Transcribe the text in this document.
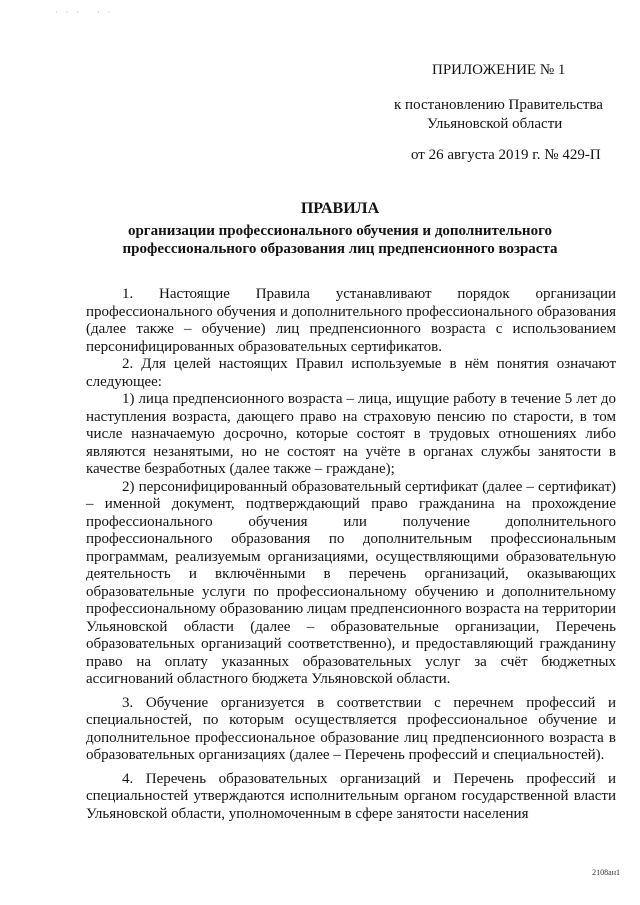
· · ·   · ·
ПРИЛОЖЕНИЕ № 1
к постановлению Правительства
Ульяновской области
от 26 августа 2019 г. № 429-П
ПРАВИЛА
организации профессионального обучения и дополнительного профессионального образования лиц предпенсионного возраста

1. Настоящие Правила устанавливают порядок организации профессионального обучения и дополнительного профессионального образования (далее также – обучение) лиц предпенсионного возраста с использованием персонифицированных образовательных сертификатов.

2. Для целей настоящих Правил используемые в нём понятия означают следующее:

1) лица предпенсионного возраста – лица, ищущие работу в течение 5 лет до наступления возраста, дающего право на страховую пенсию по старости, в том числе назначаемую досрочно, которые состоят в трудовых отношениях либо являются незанятыми, но не состоят на учёте в органах службы занятости в качестве безработных (далее также – граждане);

2) персонифицированный образовательный сертификат (далее – сертификат) – именной документ, подтверждающий право гражданина на прохождение профессионального обучения или получение дополнительного профессионального образования по дополнительным профессиональным программам, реализуемым организациями, осуществляющими образовательную деятельность и включёнными в перечень организаций, оказывающих образовательные услуги по профессиональному обучению и дополнительному профессиональному образованию лицам предпенсионного возраста на территории Ульяновской области (далее – образовательные организации, Перечень образовательных организаций соответственно), и предоставляющий гражданину право на оплату указанных образовательных услуг за счёт бюджетных ассигнований областного бюджета Ульяновской области.

3. Обучение организуется в соответствии с перечнем профессий и специальностей, по которым осуществляется профессиональное обучение и дополнительное профессиональное образование лиц предпенсионного возраста в образовательных организациях (далее – Перечень профессий и специальностей).

4. Перечень образовательных организаций и Перечень профессий и специальностей утверждаются исполнительным органом государственной власти Ульяновской области, уполномоченным в сфере занятости населения

2108ан1
